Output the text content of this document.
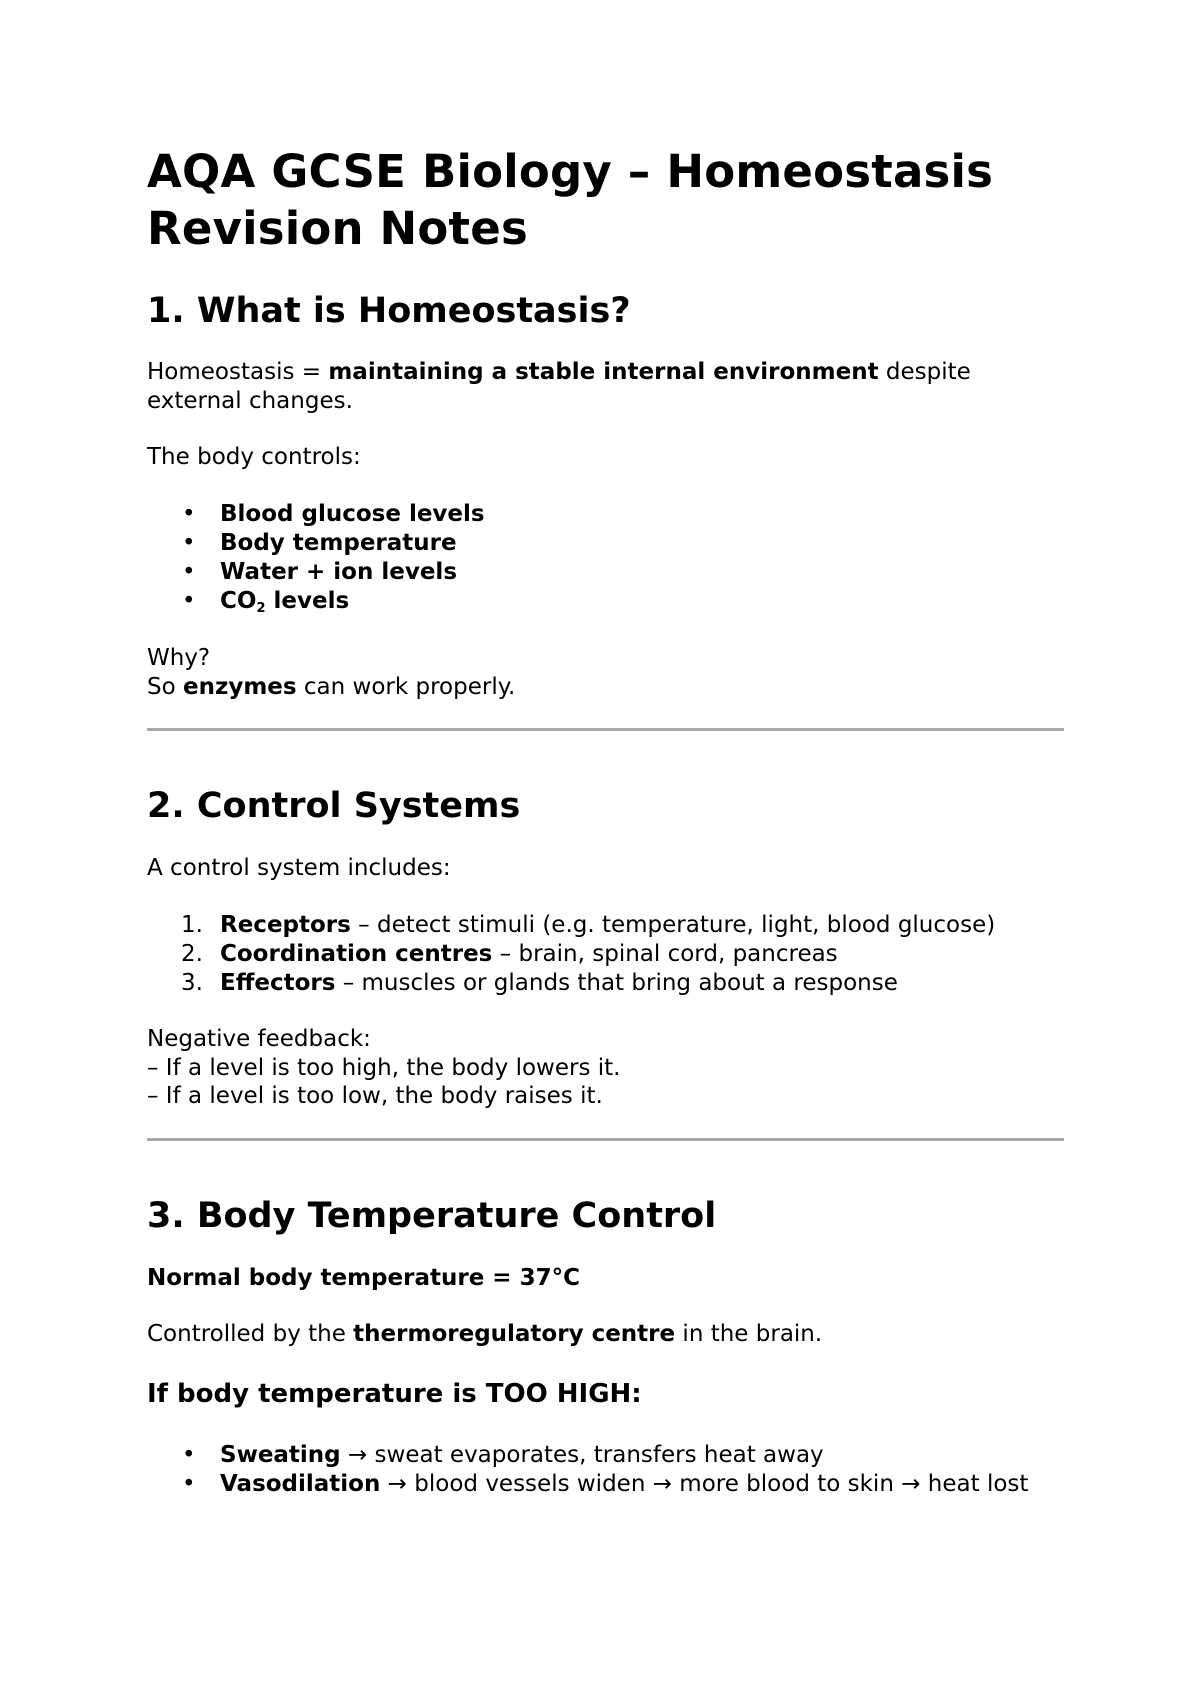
AQA GCSE Biology – Homeostasis Revision Notes
1. What is Homeostasis?

Homeostasis = maintaining a stable internal environment despite external changes.

The body controls:

• Blood glucose levels
• Body temperature
• Water + ion levels
• $CO_2$ levels

Why?

So enzymes can work properly.

2. Control Systems

A control system includes:

1. Receptors – detect stimuli (e.g. temperature, light, blood glucose)
2. Coordination centres – brain, spinal cord, pancreas
3. Effectors – muscles or glands that bring about a response

Negative feedback:

– If a level is too high, the body lowers it.

– If a level is too low, the body raises it.

3. Body Temperature Control

Normal body temperature = 37°C

Controlled by the thermoregulatory centre in the brain.

If body temperature is TOO HIGH:
• Sweating → sweat evaporates, transfers heat away
• Vasodilation → blood vessels widen → more blood to skin → heat lost
